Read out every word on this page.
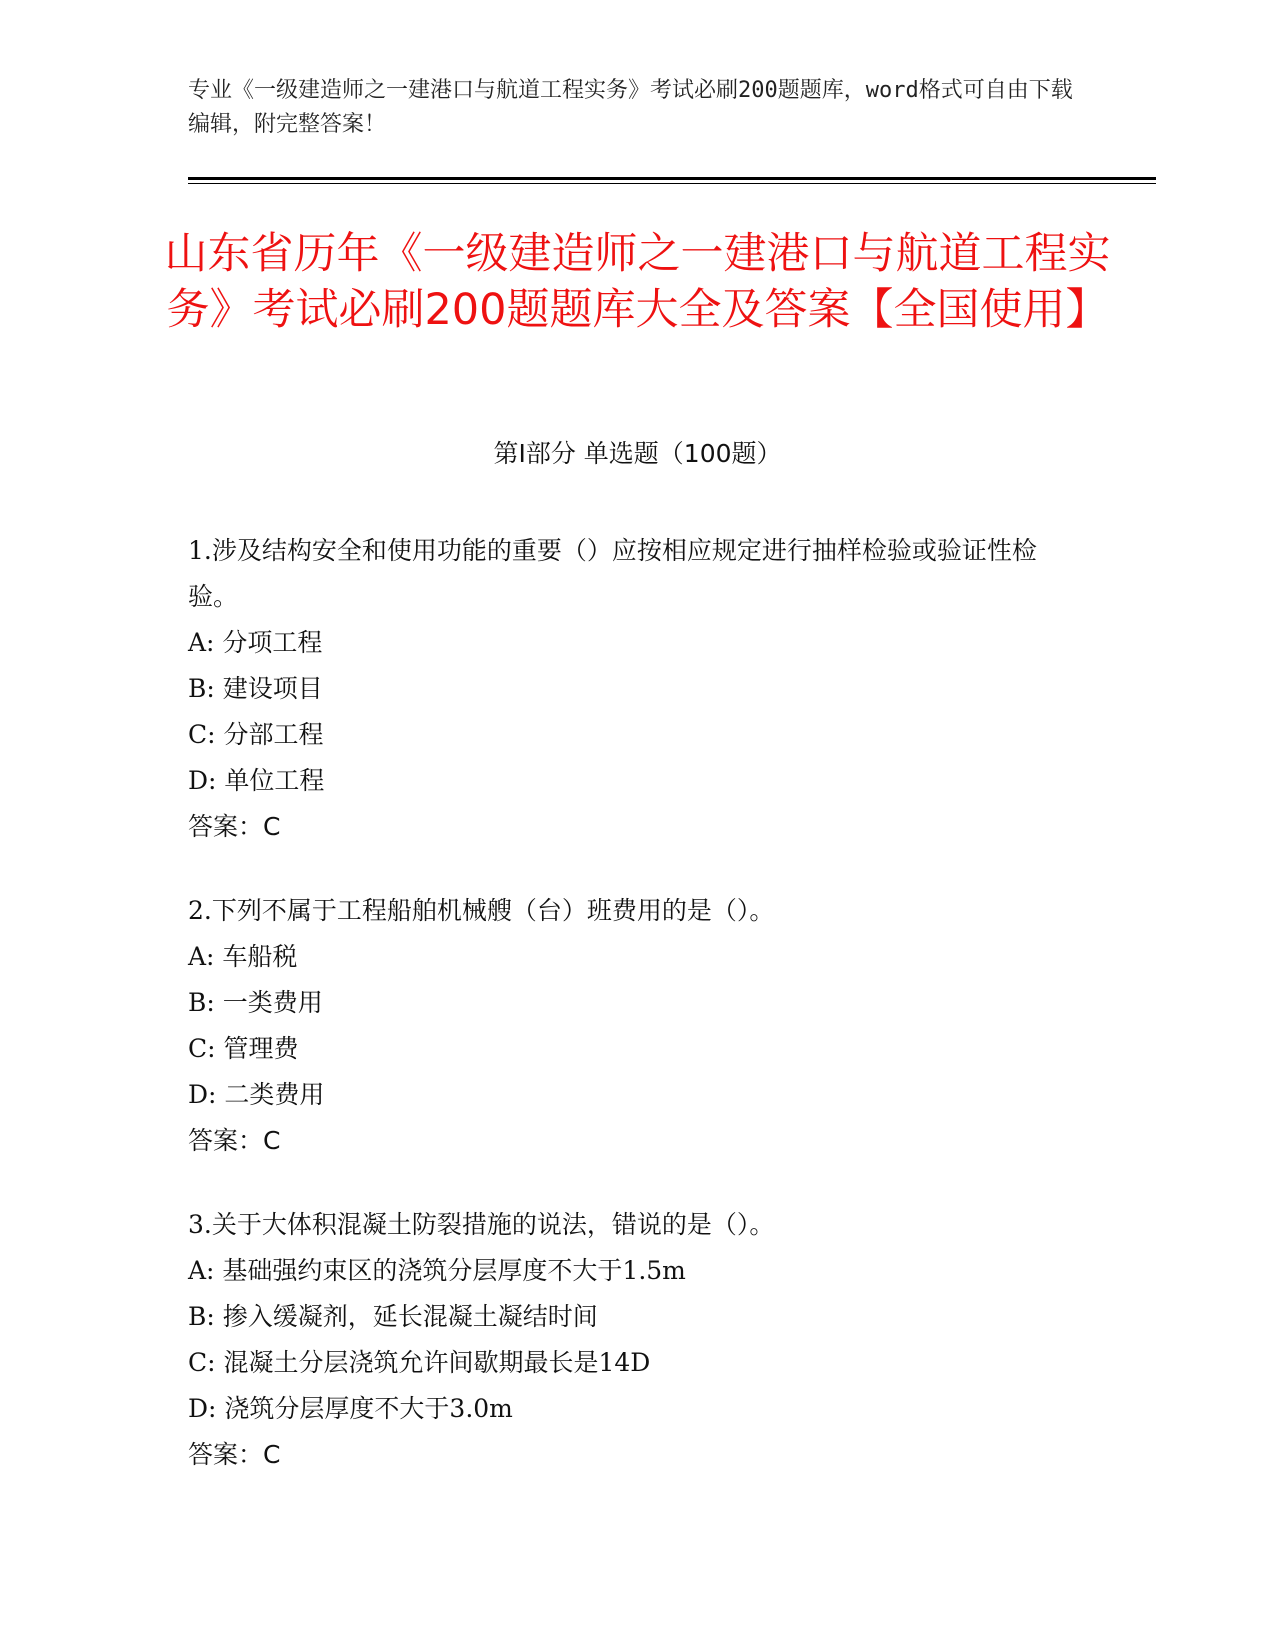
专业《一级建造师之一建港口与航道工程实务》考试必刷200题题库，word格式可自由下载编辑，附完整答案！
山东省历年《一级建造师之一建港口与航道工程实务》考试必刷200题题库大全及答案【全国使用】
第I部分 单选题（100题）
1.涉及结构安全和使用功能的重要（）应按相应规定进行抽样检验或验证性检验。
A: 分项工程
B: 建设项目
C: 分部工程
D: 单位工程
答案：C
2.下列不属于工程船舶机械艘（台）班费用的是（）。
A: 车船税
B: 一类费用
C: 管理费
D: 二类费用
答案：C
3.关于大体积混凝土防裂措施的说法，错说的是（）。
A: 基础强约束区的浇筑分层厚度不大于1.5m
B: 掺入缓凝剂，延长混凝土凝结时间
C: 混凝土分层浇筑允许间歇期最长是14D
D: 浇筑分层厚度不大于3.0m
答案：C
